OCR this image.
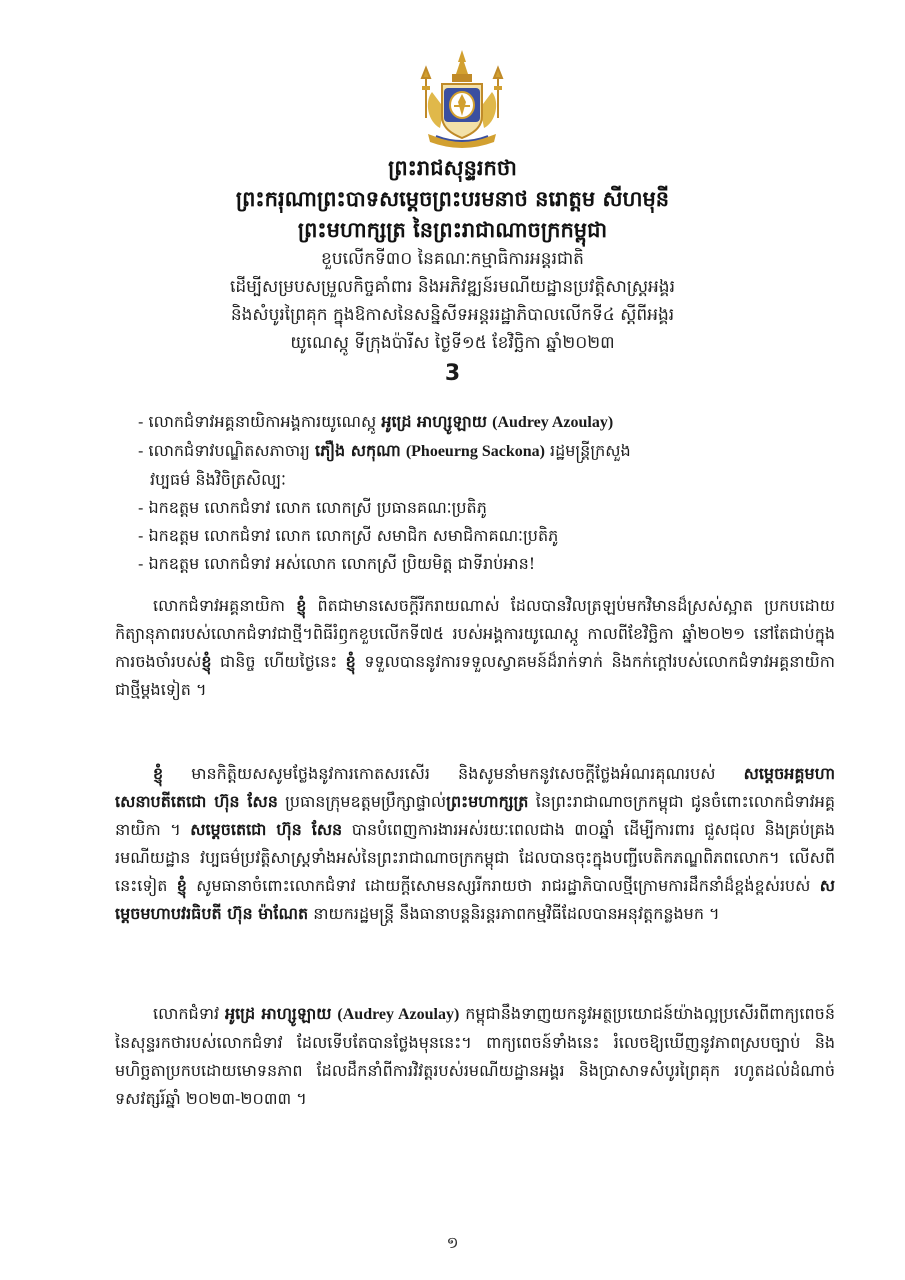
ព្រះរាជសុន្ទរកថា
ព្រះករុណាព្រះបាទសម្តេចព្រះបរមនាថ នរោត្តម សីហមុនី
ព្រះមហាក្សត្រ នៃព្រះរាជាណាចក្រកម្ពុជា
ខួបលើកទី៣០ នៃគណៈកម្មាធិការអន្តរជាតិ
ដើម្បីសម្របសម្រួលកិច្ចគាំពារ និងអភិវឌ្ឍន៍រមណីយដ្ឋានប្រវត្តិសាស្ត្រអង្គរ
និងសំបូរព្រៃគុក ក្នុងឱកាសនៃសន្និសីទអន្តររដ្ឋាភិបាលលើកទី៤ ស្តីពីអង្គរ
យូណេស្កូ ទីក្រុងប៉ារីស ថ្ងៃទី១៥ ខែវិច្ឆិកា ឆ្នាំ២០២៣
3
- លោកជំទាវអគ្គនាយិកាអង្គការយូណេស្កូ អូដ្រេ អាហ្សូឡាយ (Audrey Azoulay)
- លោកជំទាវបណ្ឌិតសភាចារ្យ ភឿង សកុណា (Phoeurng Sackona) រដ្ឋមន្ត្រីក្រសួង
វប្បធម៌ និងវិចិត្រសិល្បៈ
- ឯកឧត្តម លោកជំទាវ លោក លោកស្រី ប្រធានគណៈប្រតិភូ
- ឯកឧត្តម លោកជំទាវ លោក លោកស្រី សមាជិក សមាជិកាគណៈប្រតិភូ
- ឯកឧត្តម លោកជំទាវ អស់លោក លោកស្រី ប្រិយមិត្ត ជាទីរាប់អាន!
លោកជំទាវអគ្គនាយិកា ខ្ញុំ ពិតជាមានសេចក្តីរីករាយណាស់ ដែលបានវិលត្រឡប់មកវិមានដ៏ស្រស់ស្អាត ប្រកបដោយកិត្យានុភាពរបស់លោកជំទាវជាថ្មី។ពិធីរំឭកខួបលើកទី៧៥ របស់អង្គការយូណេស្កូ កាលពីខែវិច្ឆិកា ឆ្នាំ២០២១ នៅតែជាប់ក្នុងការចងចាំរបស់ខ្ញុំ ជានិច្ច ហើយថ្ងៃនេះ ខ្ញុំ ទទួលបាននូវការទទួលស្វាគមន៍ដ៏រាក់ទាក់ និងកក់ក្តៅរបស់លោកជំទាវអគ្គនាយិកា ជាថ្មីម្តងទៀត ។
ខ្ញុំ មានកិត្តិយសសូមថ្លែងនូវការកោតសរសើរ និងសូមនាំមកនូវសេចក្តីថ្លែងអំណរគុណរបស់ សម្តេចអគ្គមហាសេនាបតីតេជោ ហ៊ុន សែន ប្រធានក្រុមឧត្តមប្រឹក្សាផ្ទាល់ព្រះមហាក្សត្រ នៃព្រះរាជាណាចក្រកម្ពុជា ជូនចំពោះលោកជំទាវអគ្គនាយិកា ។ សម្តេចតេជោ ហ៊ុន សែន បានបំពេញការងារអស់រយៈពេលជាង ៣០ឆ្នាំ ដើម្បីការពារ ជួសជុល និងគ្រប់គ្រងរមណីយដ្ឋាន វប្បធម៌ប្រវត្តិសាស្ត្រទាំងអស់នៃព្រះរាជាណាចក្រកម្ពុជា ដែលបានចុះក្នុងបញ្ជីបេតិកភណ្ឌពិភពលោក។ លើសពីនេះទៀត ខ្ញុំ សូមធានាចំពោះលោកជំទាវ ដោយក្តីសោមនស្សរីករាយថា រាជរដ្ឋាភិបាលថ្មីក្រោមការដឹកនាំដ៏ខ្ពង់ខ្ពស់របស់ សម្តេចមហាបវរធិបតី ហ៊ុន ម៉ាណែត នាយករដ្ឋមន្ត្រី នឹងធានាបន្តនិរន្តរភាពកម្មវិធីដែលបានអនុវត្តកន្លងមក ។
លោកជំទាវ អូដ្រេ អាហ្សូឡាយ (Audrey Azoulay) កម្ពុជានឹងទាញយកនូវអត្ថប្រយោជន៍យ៉ាងល្អប្រសើរពីពាក្យពេចន៍នៃសុន្ទរកថារបស់លោកជំទាវ ដែលទើបតែបានថ្លែងមុននេះ។ ពាក្យពេចន៍ទាំងនេះ រំលេចឱ្យឃើញនូវភាពស្របច្បាប់ និងមហិច្ឆតាប្រកបដោយមោទនភាព ដែលដឹកនាំពីការវិវត្តរបស់រមណីយដ្ឋានអង្គរ និងប្រាសាទសំបូរព្រៃគុក រហូតដល់ដំណាច់ទសវត្សរ៍ឆ្នាំ ២០២៣-២០៣៣ ។
១
